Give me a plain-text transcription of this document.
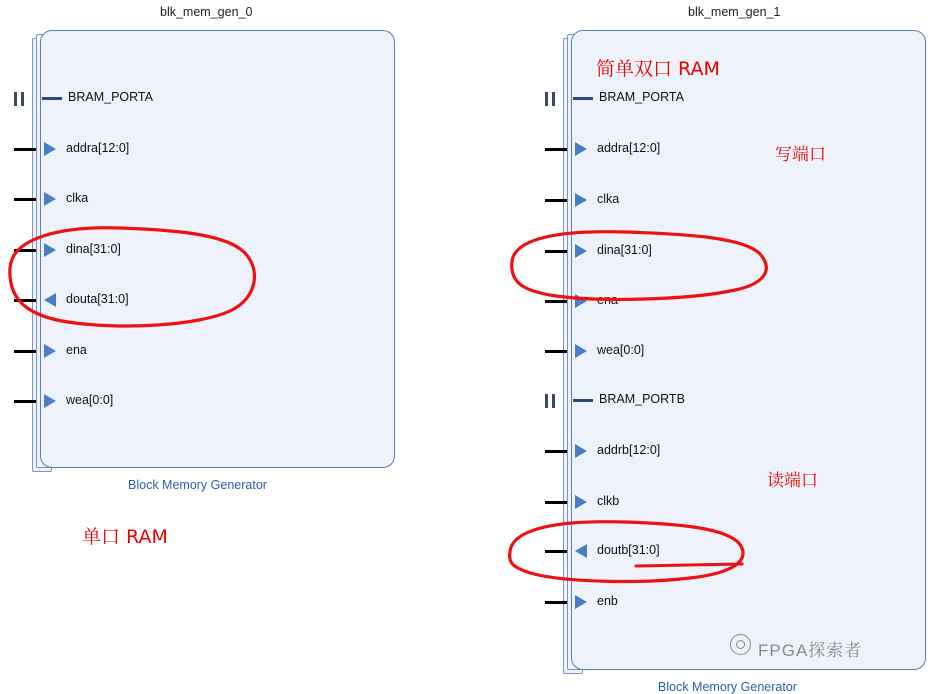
blk_mem_gen_0
BRAM_PORTA
addra[12:0]
clka
dina[31:0]
douta[31:0]
ena
wea[0:0]
Block Memory Generator
单口 RAM
blk_mem_gen_1
BRAM_PORTA
addra[12:0]
clka
dina[31:0]
ena
wea[0:0]
BRAM_PORTB
addrb[12:0]
clkb
doutb[31:0]
enb
Block Memory Generator
简单双口 RAM
写端口
读端口
FPGA探索者
